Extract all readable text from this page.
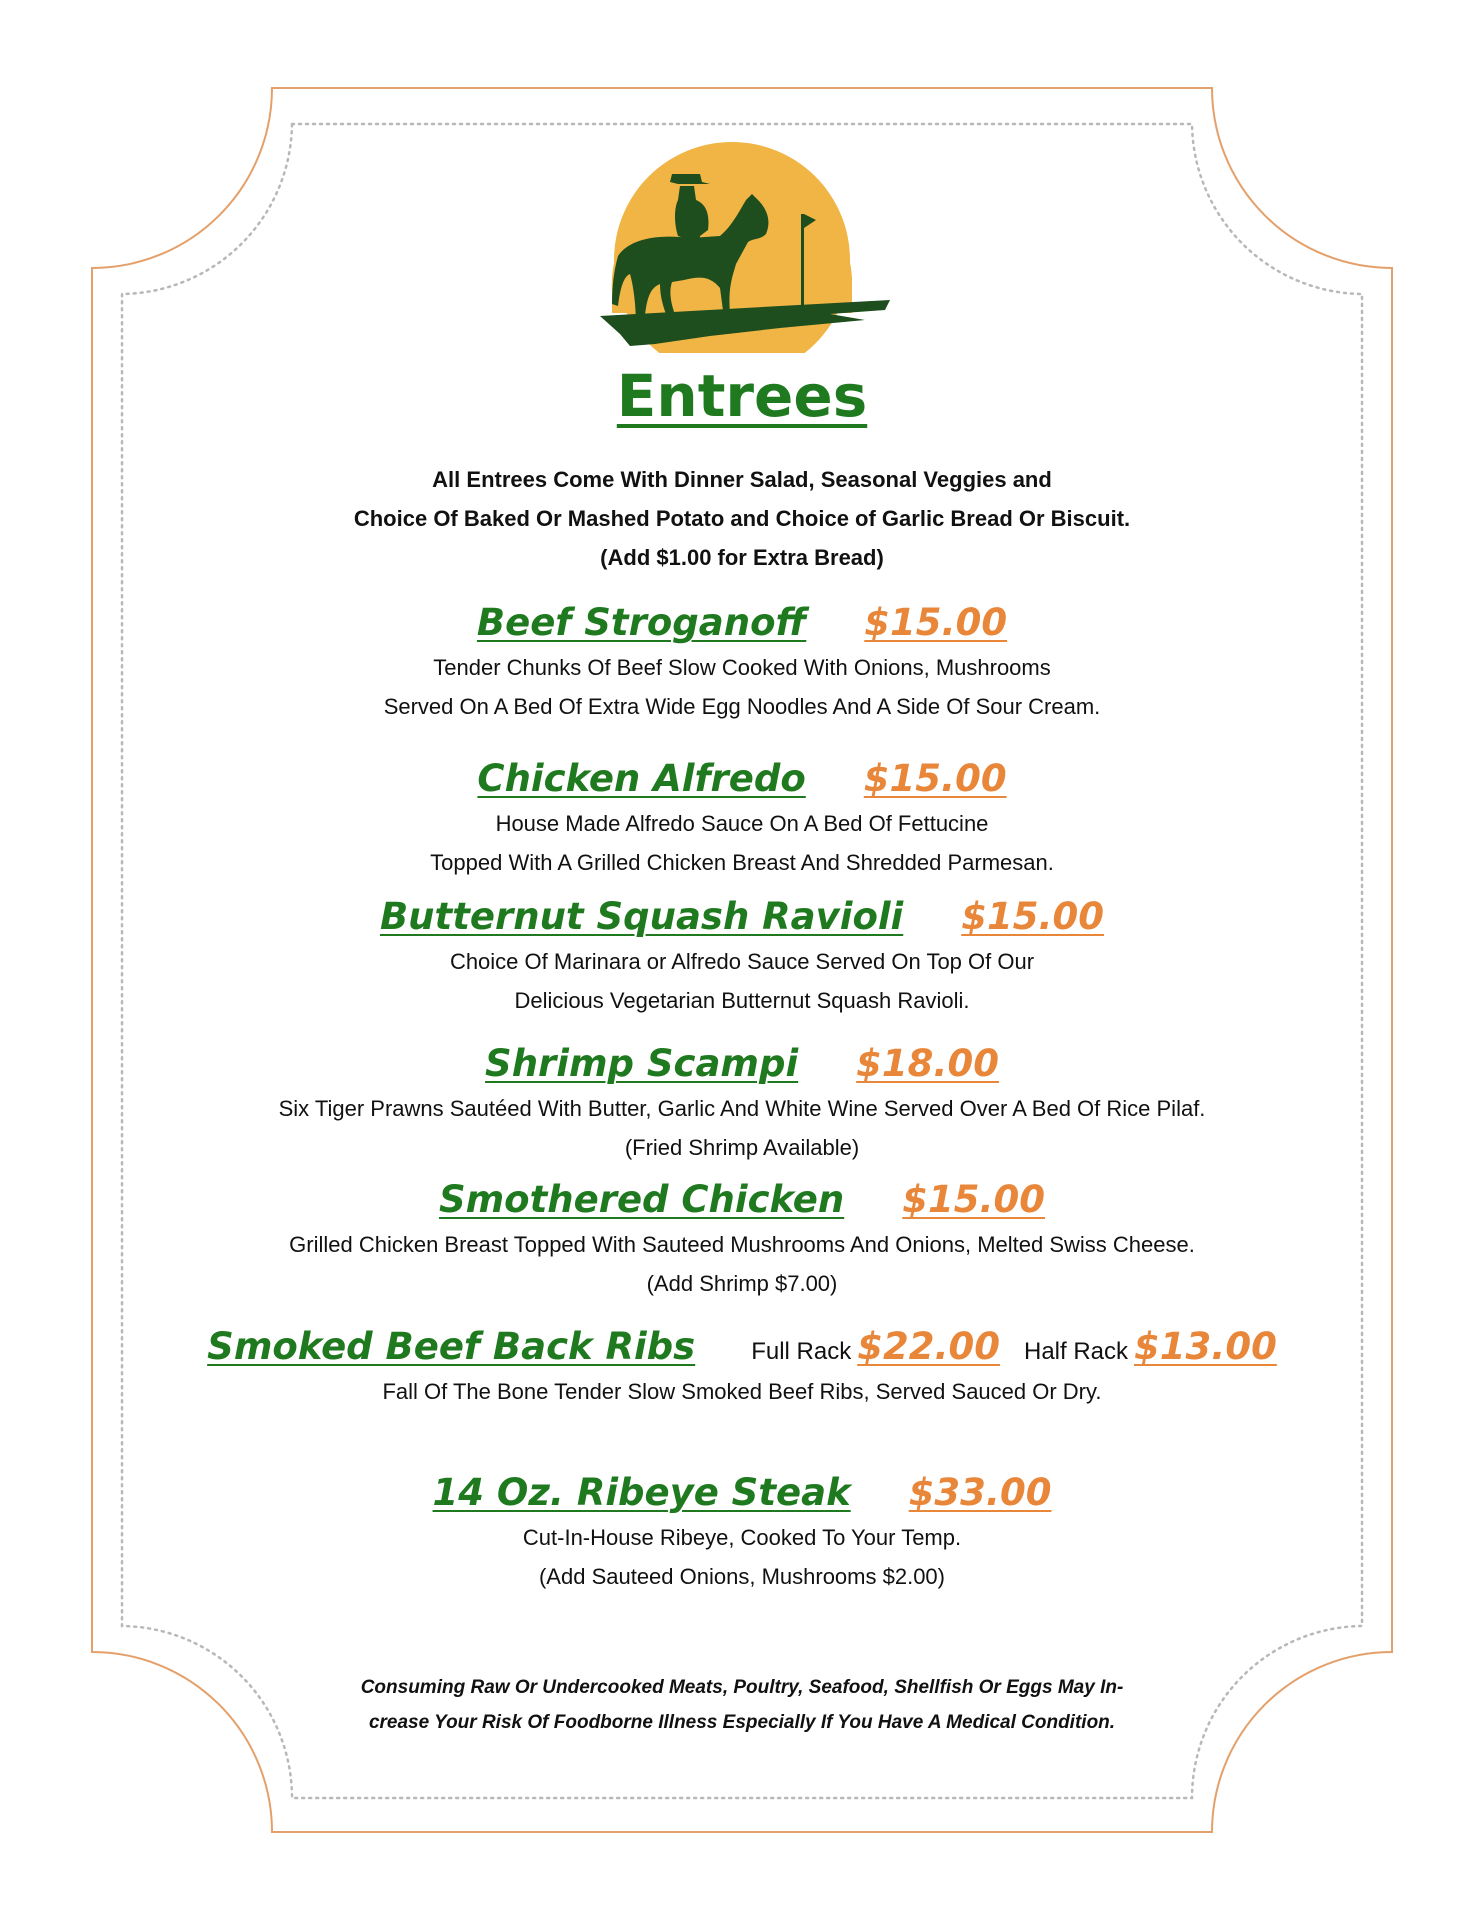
Entrees
All Entrees Come With Dinner Salad, Seasonal Veggies and
Choice Of Baked Or Mashed Potato and Choice of Garlic Bread Or Biscuit.
(Add $1.00 for Extra Bread)
Beef Stroganoff $15.00
Tender Chunks Of Beef Slow Cooked With Onions, Mushrooms
Served On A Bed Of Extra Wide Egg Noodles And A Side Of Sour Cream.
Chicken Alfredo $15.00
House Made Alfredo Sauce On A Bed Of Fettucine
Topped With A Grilled Chicken Breast And Shredded Parmesan.
Butternut Squash Ravioli $15.00
Choice Of Marinara or Alfredo Sauce Served On Top Of Our
Delicious Vegetarian Butternut Squash Ravioli.
Shrimp Scampi $18.00
Six Tiger Prawns Sautéed With Butter, Garlic And White Wine Served Over A Bed Of Rice Pilaf.
(Fried Shrimp Available)
Smothered Chicken $15.00
Grilled Chicken Breast Topped With Sauteed Mushrooms And Onions, Melted Swiss Cheese.
(Add Shrimp $7.00)
Smoked Beef Back Ribs Full Rack $22.00 Half Rack $13.00
Fall Of The Bone Tender Slow Smoked Beef Ribs, Served Sauced Or Dry.
14 Oz. Ribeye Steak $33.00
Cut-In-House Ribeye, Cooked To Your Temp.
(Add Sauteed Onions, Mushrooms $2.00)
Consuming Raw Or Undercooked Meats, Poultry, Seafood, Shellfish Or Eggs May In-
crease Your Risk Of Foodborne Illness Especially If You Have A Medical Condition.
